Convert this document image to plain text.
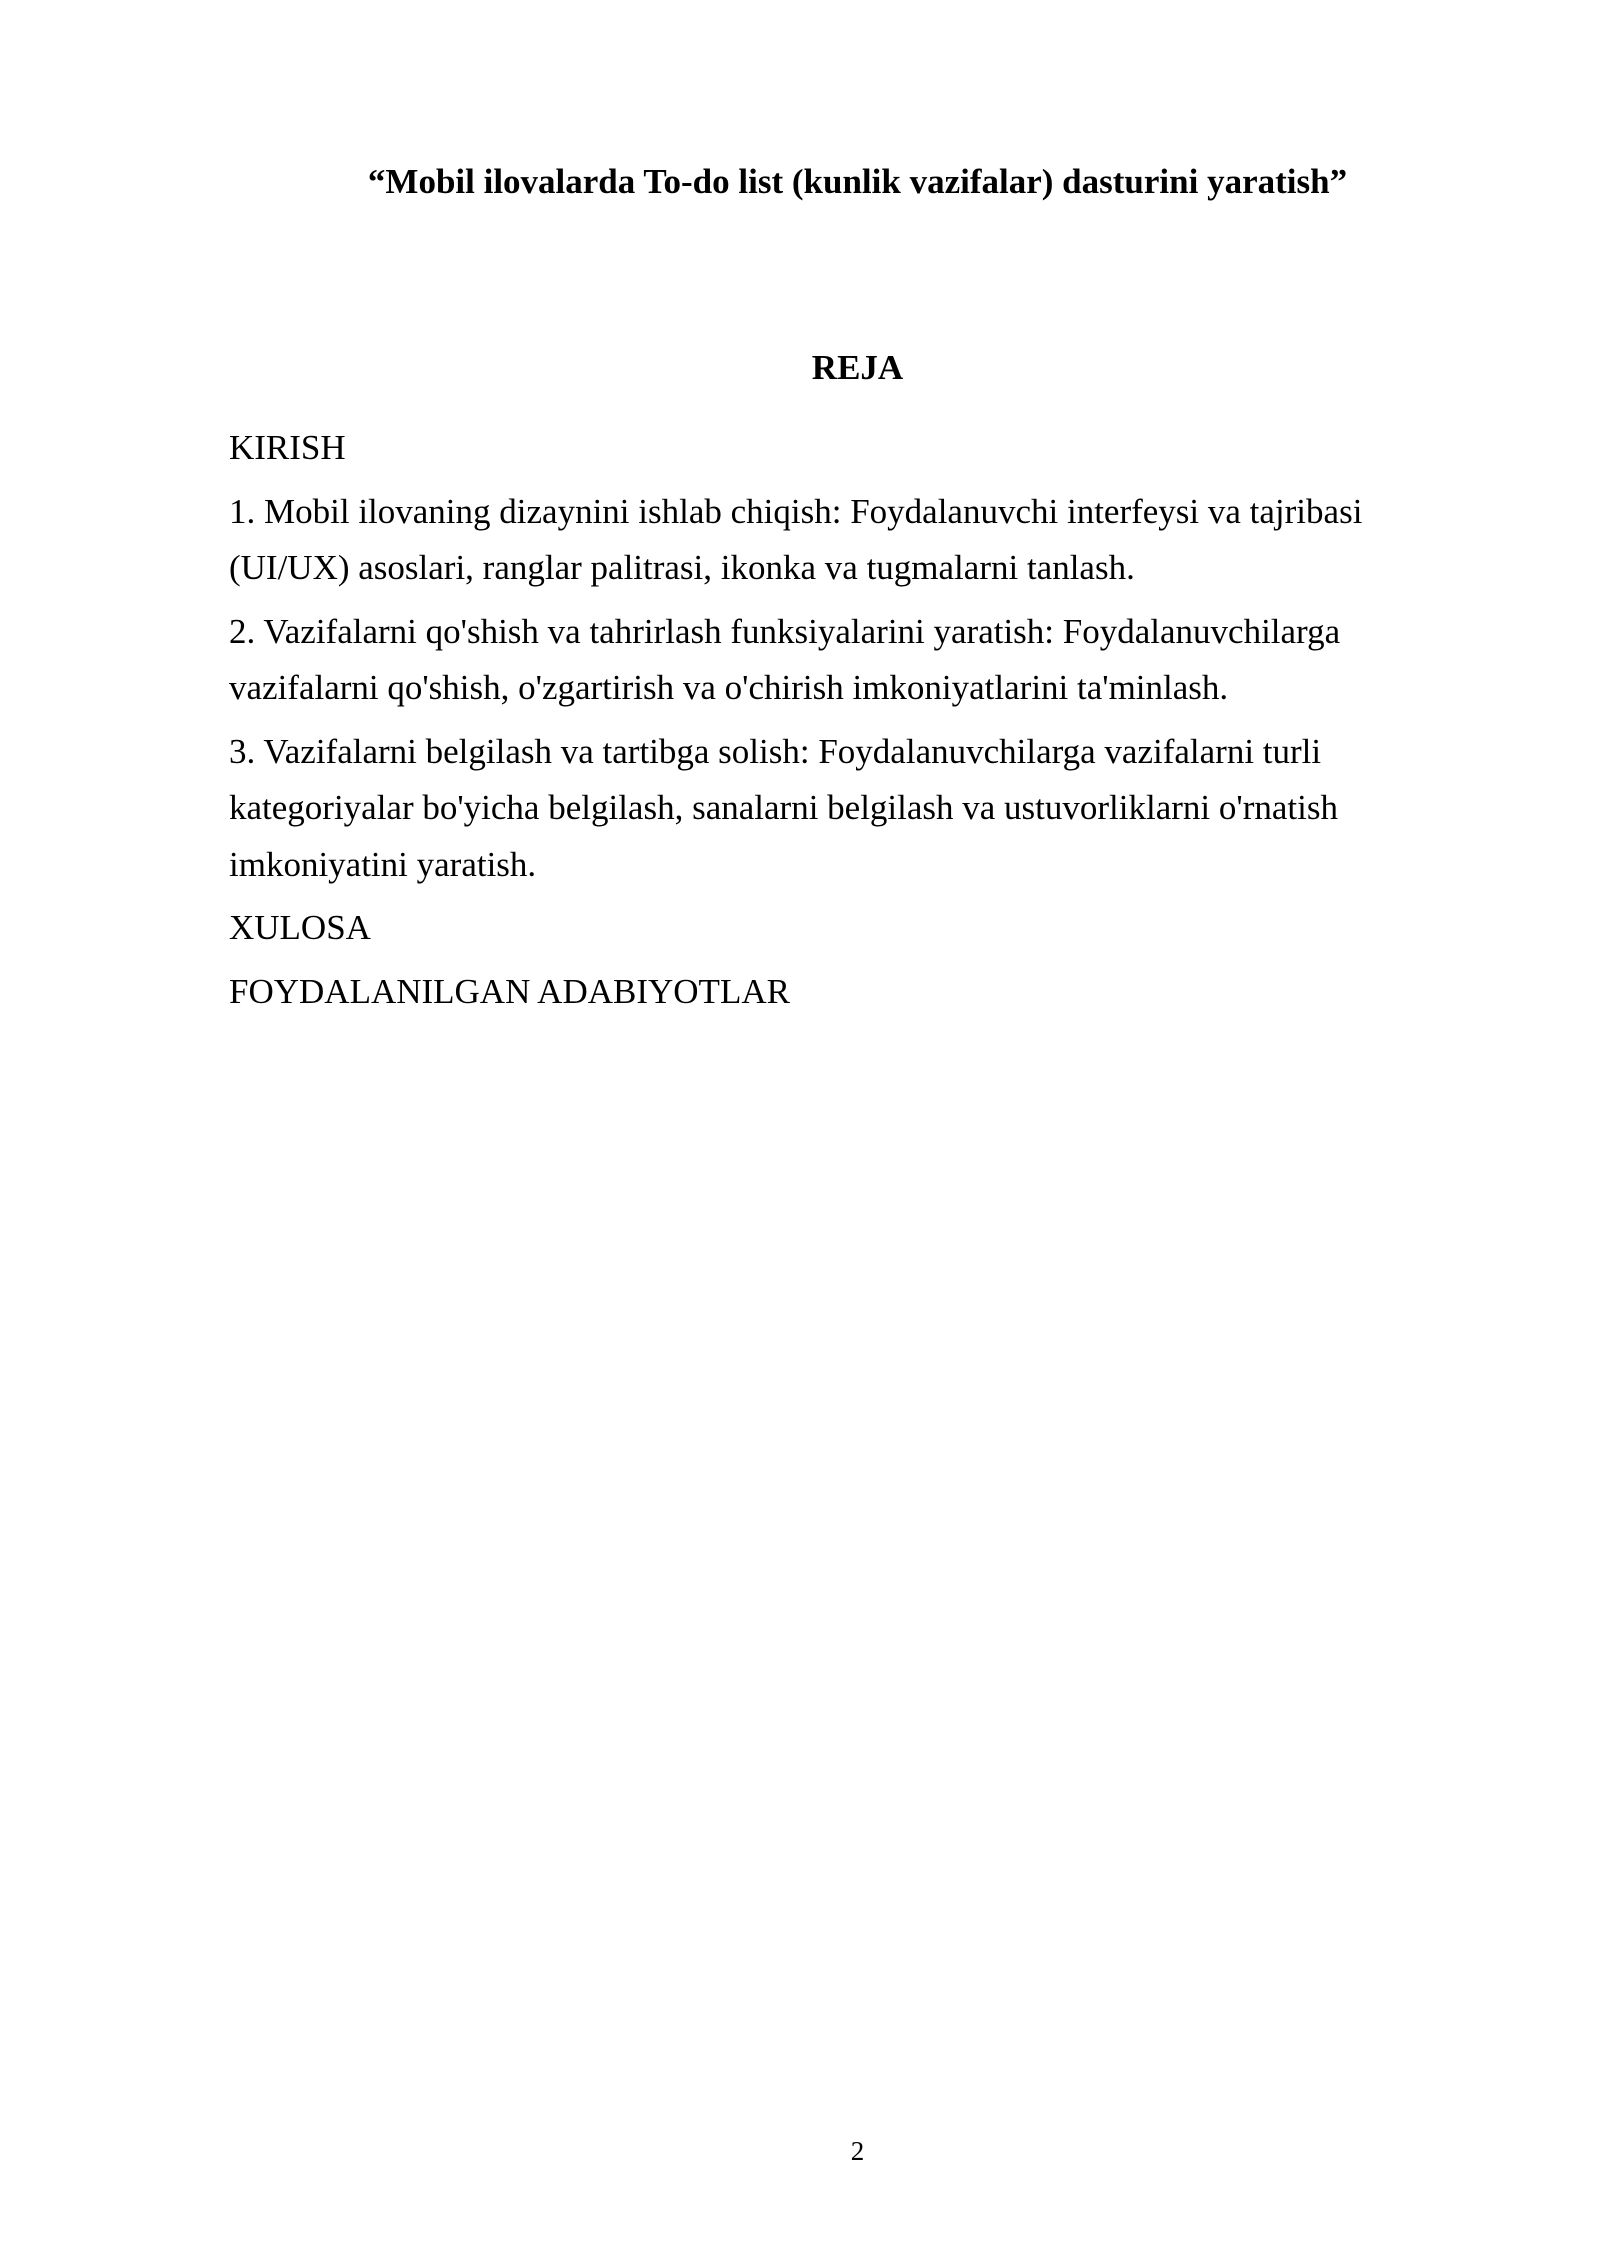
“Mobil ilovalarda To-do list (kunlik vazifalar) dasturini yaratish”
REJA
KIRISH
1. Mobil ilovaning dizaynini ishlab chiqish: Foydalanuvchi interfeysi va tajribasi (UI/UX) asoslari, ranglar palitrasi, ikonka va tugmalarni tanlash.
2. Vazifalarni qo'shish va tahrirlash funksiyalarini yaratish: Foydalanuvchilarga vazifalarni qo'shish, o'zgartirish va o'chirish imkoniyatlarini ta'minlash.
3. Vazifalarni belgilash va tartibga solish: Foydalanuvchilarga vazifalarni turli kategoriyalar bo'yicha belgilash, sanalarni belgilash va ustuvorliklarni o'rnatish imkoniyatini yaratish.
XULOSA
FOYDALANILGAN ADABIYOTLAR
2
